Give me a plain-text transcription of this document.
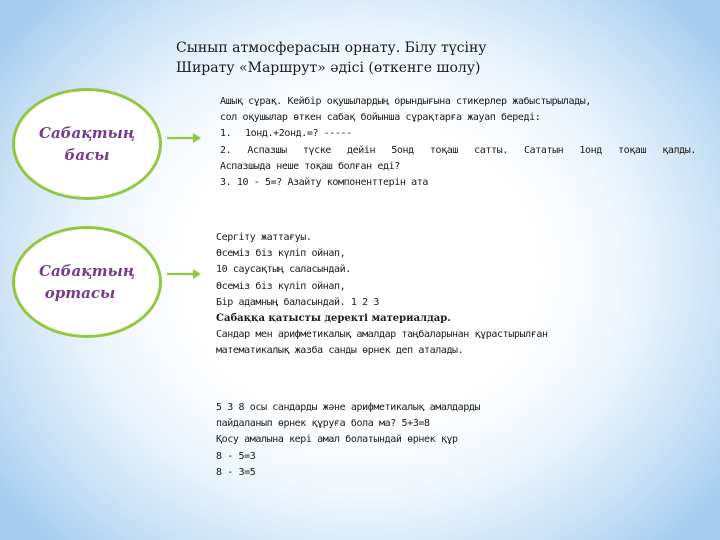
Сынып атмосферасын орнату. Білу түсіну
Ширату «Маршрут» әдісі (өткенге шолу)
Сабақтың
басы
Сабақтың
ортасы

Ашық сұрақ. Кейбір оқушылардың орындығына стикерлер жабыстырылады,

сол оқушылар өткен сабақ бойынша сұрақтарға жауап береді:

1.	1онд.+2онд.=? -----

2. Аспазшы түске дейін 5онд тоқаш сатты. Сататын 1онд тоқаш қалды.

Аспазшыда неше тоқаш болған еді?

3. 10 - 5=? Азайту компоненттерін ата

Сергіту жаттағуы.

Өсеміз біз күліп ойнап,

10 саусақтың саласындай.

Өсеміз біз күліп ойнап,

Бір адамның баласындай. 1 2 3

Сабаққа қатысты деректі материалдар.

Сандар мен арифметикалық амалдар таңбаларынан құрастырылған

математикалық жазба санды өрнек деп аталады.

5 3 8 осы сандарды және арифметикалық амалдарды

пайдаланып өрнек құруға бола ма? 5+3=8

Қосу амалына кері амал болатындай өрнек құр

8 - 5=3

8 - 3=5
